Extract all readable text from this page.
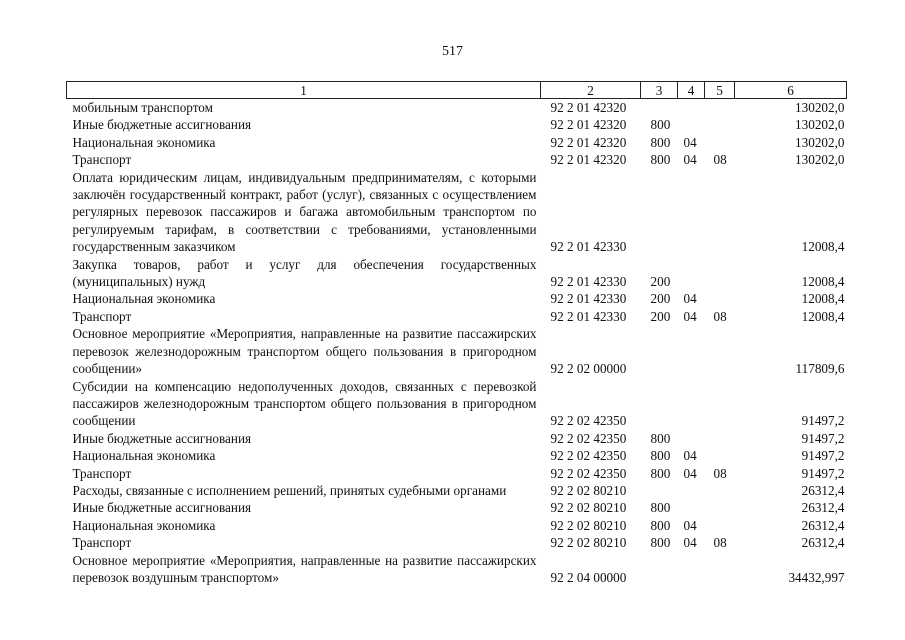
517
1	2	3	4	5	6
мобильным транспортом	92 2 01 42320				130202,0
Иные бюджетные ассигнования	92 2 01 42320	800			130202,0
Национальная экономика	92 2 01 42320	800	04		130202,0
Транспорт	92 2 01 42320	800	04	08	130202,0
Оплата юридическим лицам, индивидуальным предпринимателям, с которыми заключён государственный контракт, работ (услуг), связанных с осуществлением регулярных перевозок пассажиров и багажа автомобильным транспортом по регулируемым тарифам, в соответствии с требованиями, установленными государственным заказчиком	92 2 01 42330				12008,4
Закупка товаров, работ и услуг для обеспечения государственных (муниципальных) нужд	92 2 01 42330	200			12008,4
Национальная экономика	92 2 01 42330	200	04		12008,4
Транспорт	92 2 01 42330	200	04	08	12008,4
Основное мероприятие «Мероприятия, направленные на развитие пассажирских перевозок железнодорожным транспортом общего пользования в пригородном сообщении»	92 2 02 00000				117809,6
Субсидии на компенсацию недополученных доходов, связанных с перевозкой пассажиров железнодорожным транспортом общего пользования в пригородном сообщении	92 2 02 42350				91497,2
Иные бюджетные ассигнования	92 2 02 42350	800			91497,2
Национальная экономика	92 2 02 42350	800	04		91497,2
Транспорт	92 2 02 42350	800	04	08	91497,2
Расходы, связанные с исполнением решений, принятых судебными органами	92 2 02 80210				26312,4
Иные бюджетные ассигнования	92 2 02 80210	800			26312,4
Национальная экономика	92 2 02 80210	800	04		26312,4
Транспорт	92 2 02 80210	800	04	08	26312,4
Основное мероприятие «Мероприятия, направленные на развитие пассажирских перевозок воздушным транспортом»	92 2 04 00000				34432,997
